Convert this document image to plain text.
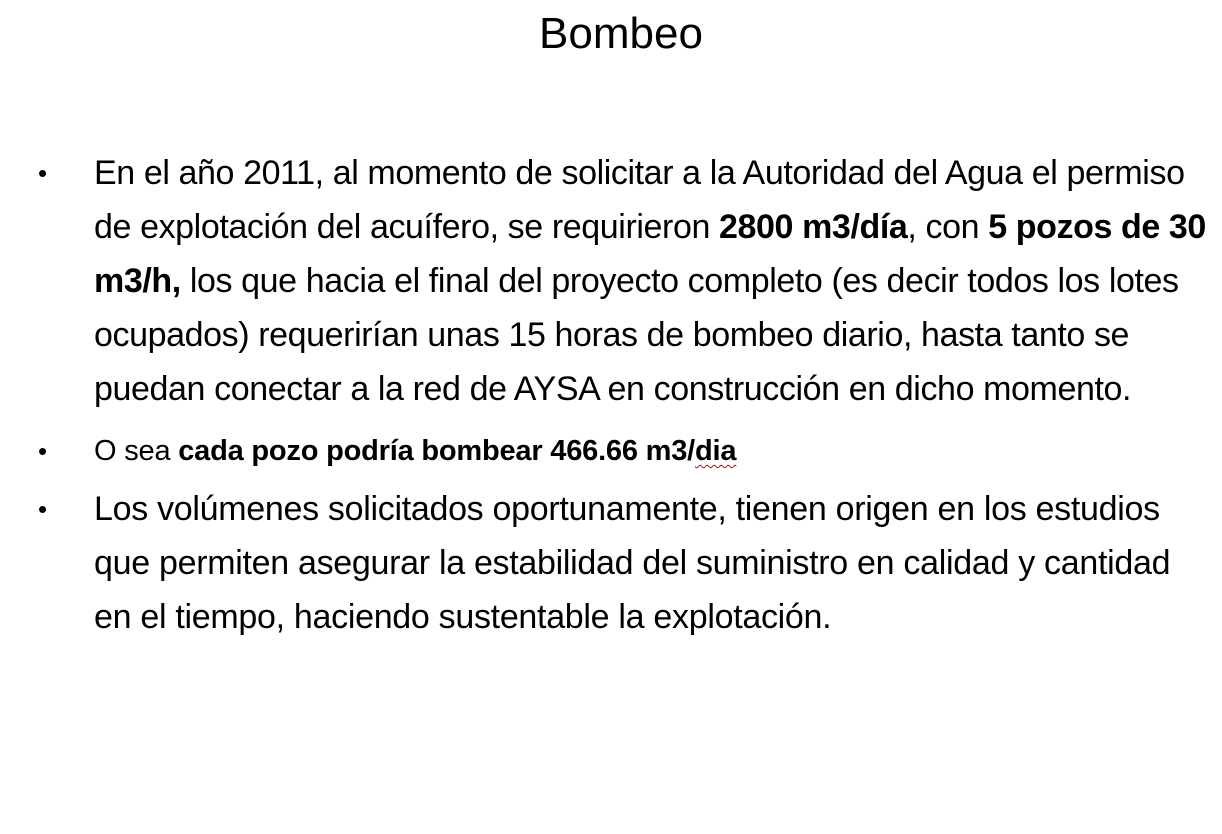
Bombeo
• En el año 2011, al momento de solicitar a la Autoridad del Agua el permiso de explotación del acuífero, se requirieron 2800 m3/día, con 5 pozos de 30 m3/h, los que hacia el final del proyecto completo (es decir todos los lotes ocupados) requerirían unas 15 horas de bombeo diario, hasta tanto se puedan conectar a la red de AYSA en construcción en dicho momento.
• O sea cada pozo podría bombear 466.66 m3/dia
• Los volúmenes solicitados oportunamente, tienen origen en los estudios que permiten asegurar la estabilidad del suministro en calidad y cantidad en el tiempo, haciendo sustentable la explotación.
